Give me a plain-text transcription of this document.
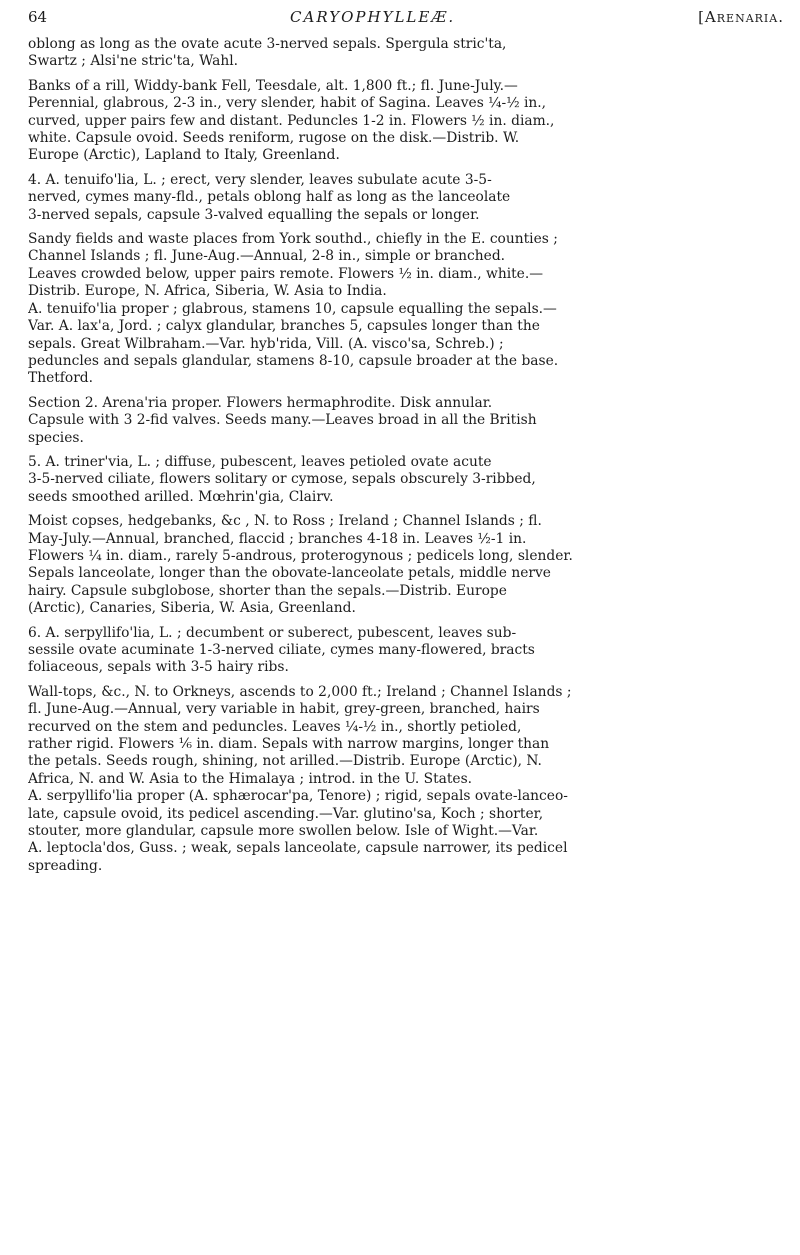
64	CARYOPHYLLEÆ.	[Arenaria.
oblong as long as the ovate acute 3-nerved sepals. Spergula stric'ta,
Swartz ; Alsi'ne stric'ta, Wahl.
Banks of a rill, Widdy-bank Fell, Teesdale, alt. 1,800 ft.; fl. June-July.—
Perennial, glabrous, 2-3 in., very slender, habit of Sagina. Leaves ¼-½ in.,
curved, upper pairs few and distant. Peduncles 1-2 in. Flowers ½ in. diam.,
white. Capsule ovoid. Seeds reniform, rugose on the disk.—Distrib. W.
Europe (Arctic), Lapland to Italy, Greenland.
4. A. tenuifo'lia, L. ; erect, very slender, leaves subulate acute 3-5-
nerved, cymes many-fld., petals oblong half as long as the lanceolate
3-nerved sepals, capsule 3-valved equalling the sepals or longer.
Sandy fields and waste places from York southd., chiefly in the E. counties ;
Channel Islands ; fl. June-Aug.—Annual, 2-8 in., simple or branched.
Leaves crowded below, upper pairs remote. Flowers ½ in. diam., white.—
Distrib. Europe, N. Africa, Siberia, W. Asia to India.
A. tenuifo'lia proper ; glabrous, stamens 10, capsule equalling the sepals.—
Var. A. lax'a, Jord. ; calyx glandular, branches 5, capsules longer than the
sepals. Great Wilbraham.—Var. hyb'rida, Vill. (A. visco'sa, Schreb.) ;
peduncles and sepals glandular, stamens 8-10, capsule broader at the base.
Thetford.
Section 2. Arena'ria proper. Flowers hermaphrodite. Disk annular.
Capsule with 3 2-fid valves. Seeds many.—Leaves broad in all the British
species.
5. A. triner'via, L. ; diffuse, pubescent, leaves petioled ovate acute
3-5-nerved ciliate, flowers solitary or cymose, sepals obscurely 3-ribbed,
seeds smoothed arilled. Mœhrin'gia, Clairv.
Moist copses, hedgebanks, &c , N. to Ross ; Ireland ; Channel Islands ; fl.
May-July.—Annual, branched, flaccid ; branches 4-18 in. Leaves ½-1 in.
Flowers ¼ in. diam., rarely 5-androus, proterogynous ; pedicels long, slender.
Sepals lanceolate, longer than the obovate-lanceolate petals, middle nerve
hairy. Capsule subglobose, shorter than the sepals.—Distrib. Europe
(Arctic), Canaries, Siberia, W. Asia, Greenland.
6. A. serpyllifo'lia, L. ; decumbent or suberect, pubescent, leaves sub-
sessile ovate acuminate 1-3-nerved ciliate, cymes many-flowered, bracts
foliaceous, sepals with 3-5 hairy ribs.
Wall-tops, &c., N. to Orkneys, ascends to 2,000 ft.; Ireland ; Channel Islands ;
fl. June-Aug.—Annual, very variable in habit, grey-green, branched, hairs
recurved on the stem and peduncles. Leaves ¼-½ in., shortly petioled,
rather rigid. Flowers ⅙ in. diam. Sepals with narrow margins, longer than
the petals. Seeds rough, shining, not arilled.—Distrib. Europe (Arctic), N.
Africa, N. and W. Asia to the Himalaya ; introd. in the U. States.
A. serpyllifo'lia proper (A. sphærocar'pa, Tenore) ; rigid, sepals ovate-lanceo-
late, capsule ovoid, its pedicel ascending.—Var. glutino'sa, Koch ; shorter,
stouter, more glandular, capsule more swollen below. Isle of Wight.—Var.
A. leptocla'dos, Guss. ; weak, sepals lanceolate, capsule narrower, its pedicel
spreading.
